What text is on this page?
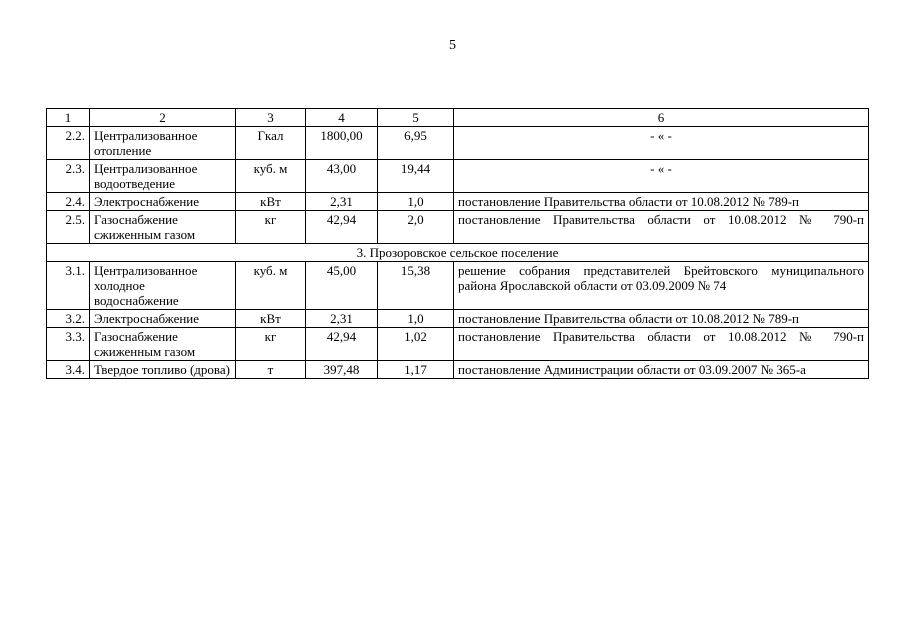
5
1	2	3	4	5	6
2.2.	Централизованное отопление	Гкал	1800,00	6,95	- « -
2.3.	Централизованное водоотведение	куб. м	43,00	19,44	- « -
2.4.	Электроснабжение	кВт	2,31	1,0	постановление Правительства области от 10.08.2012 № 789-п
2.5.	Газоснабжение сжиженным газом	кг	42,94	2,0	постановление Правительства области от 10.08.2012 № 790-п
3. Прозоровское сельское поселение					
3.1.	Централизованное холодное водоснабжение	куб. м	45,00	15,38	решение собрания представителей Брейтовского муниципального района Ярославской области от 03.09.2009 № 74
3.2.	Электроснабжение	кВт	2,31	1,0	постановление Правительства области от 10.08.2012 № 789-п
3.3.	Газоснабжение сжиженным газом	кг	42,94	1,02	постановление Правительства области от 10.08.2012 № 790-п
3.4.	Твердое топливо (дрова)	т	397,48	1,17	постановление Администрации области от 03.09.2007 № 365-а
